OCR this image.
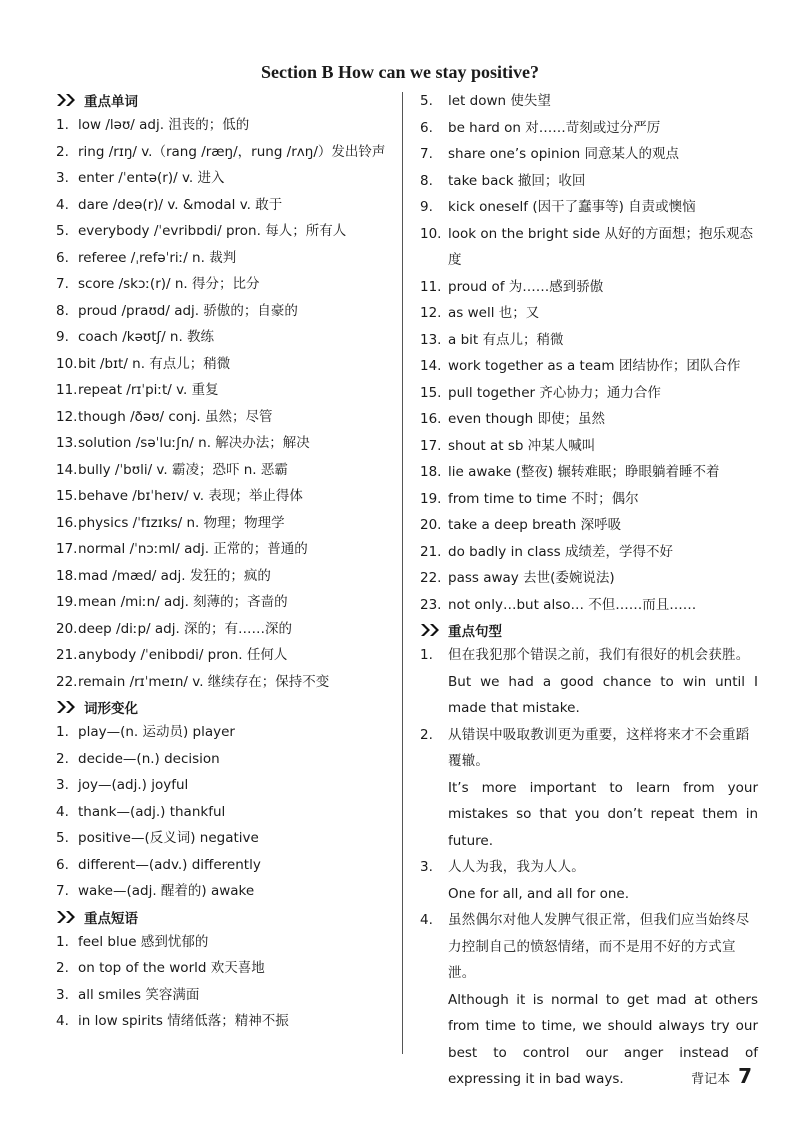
Section B How can we stay positive?
重点单词
1. low /ləʊ/ adj. 沮丧的；低的
2. ring /rɪŋ/ v.（rang /ræŋ/，rung /rʌŋ/）发出铃声
3. enter /ˈentə(r)/ v. 进入
4. dare /deə(r)/ v. &modal v. 敢于
5. everybody /ˈevribɒdi/ pron. 每人；所有人
6. referee /ˌrefəˈriː/ n. 裁判
7. score /skɔː(r)/ n. 得分；比分
8. proud /praʊd/ adj. 骄傲的；自豪的
9. coach /kəʊtʃ/ n. 教练
10. bit /bɪt/ n. 有点儿；稍微
11. repeat /rɪˈpiːt/ v. 重复
12. though /ðəʊ/ conj. 虽然；尽管
13. solution /səˈluːʃn/ n. 解决办法；解决
14. bully /ˈbʊli/ v. 霸凌；恐吓 n. 恶霸
15. behave /bɪˈheɪv/ v. 表现；举止得体
16. physics /ˈfɪzɪks/ n. 物理；物理学
17. normal /ˈnɔːml/ adj. 正常的；普通的
18. mad /mæd/ adj. 发狂的；疯的
19. mean /miːn/ adj. 刻薄的；吝啬的
20. deep /diːp/ adj. 深的；有……深的
21. anybody /ˈenibɒdi/ pron. 任何人
22. remain /rɪˈmeɪn/ v. 继续存在；保持不变
词形变化
1. play—(n. 运动员) player
2. decide—(n.) decision
3. joy—(adj.) joyful
4. thank—(adj.) thankful
5. positive—(反义词) negative
6. different—(adv.) differently
7. wake—(adj. 醒着的) awake
重点短语
1. feel blue 感到忧郁的
2. on top of the world 欢天喜地
3. all smiles 笑容满面
4. in low spirits 情绪低落；精神不振
5.	let down 使失望
6.	be hard on 对……苛刻或过分严厉
7.	share one’s opinion 同意某人的观点
8.	take back 撤回；收回
9.	kick oneself (因干了蠢事等) 自责或懊恼
10. look on the bright side 从好的方面想；抱乐观态度
11. proud of 为……感到骄傲
12. as well 也；又
13. a bit 有点儿；稍微
14. work together as a team 团结协作；团队合作
15. pull together 齐心协力；通力合作
16. even though 即使；虽然
17. shout at sb 冲某人喊叫
18. lie awake (整夜) 辗转难眠；睁眼躺着睡不着
19. from time to time 不时；偶尔
20. take a deep breath 深呼吸
21. do badly in class 成绩差，学得不好
22. pass away 去世(委婉说法)
23. not only…but also… 不但……而且……
重点句型
1.	但在我犯那个错误之前，我们有很好的机会获胜。
But we had a good chance to win until I made that mistake.
2.	从错误中吸取教训更为重要，这样将来才不会重蹈覆辙。
It’s more important to learn from your mistakes so that you don’t repeat them in future.
3.	人人为我，我为人人。
One for all, and all for one.
4.	虽然偶尔对他人发脾气很正常，但我们应当始终尽力控制自己的愤怒情绪，而不是用不好的方式宣泄。
Although it is normal to get mad at others from time to time, we should always try our best to control our anger instead of expressing it in bad ways.	背记本 7
